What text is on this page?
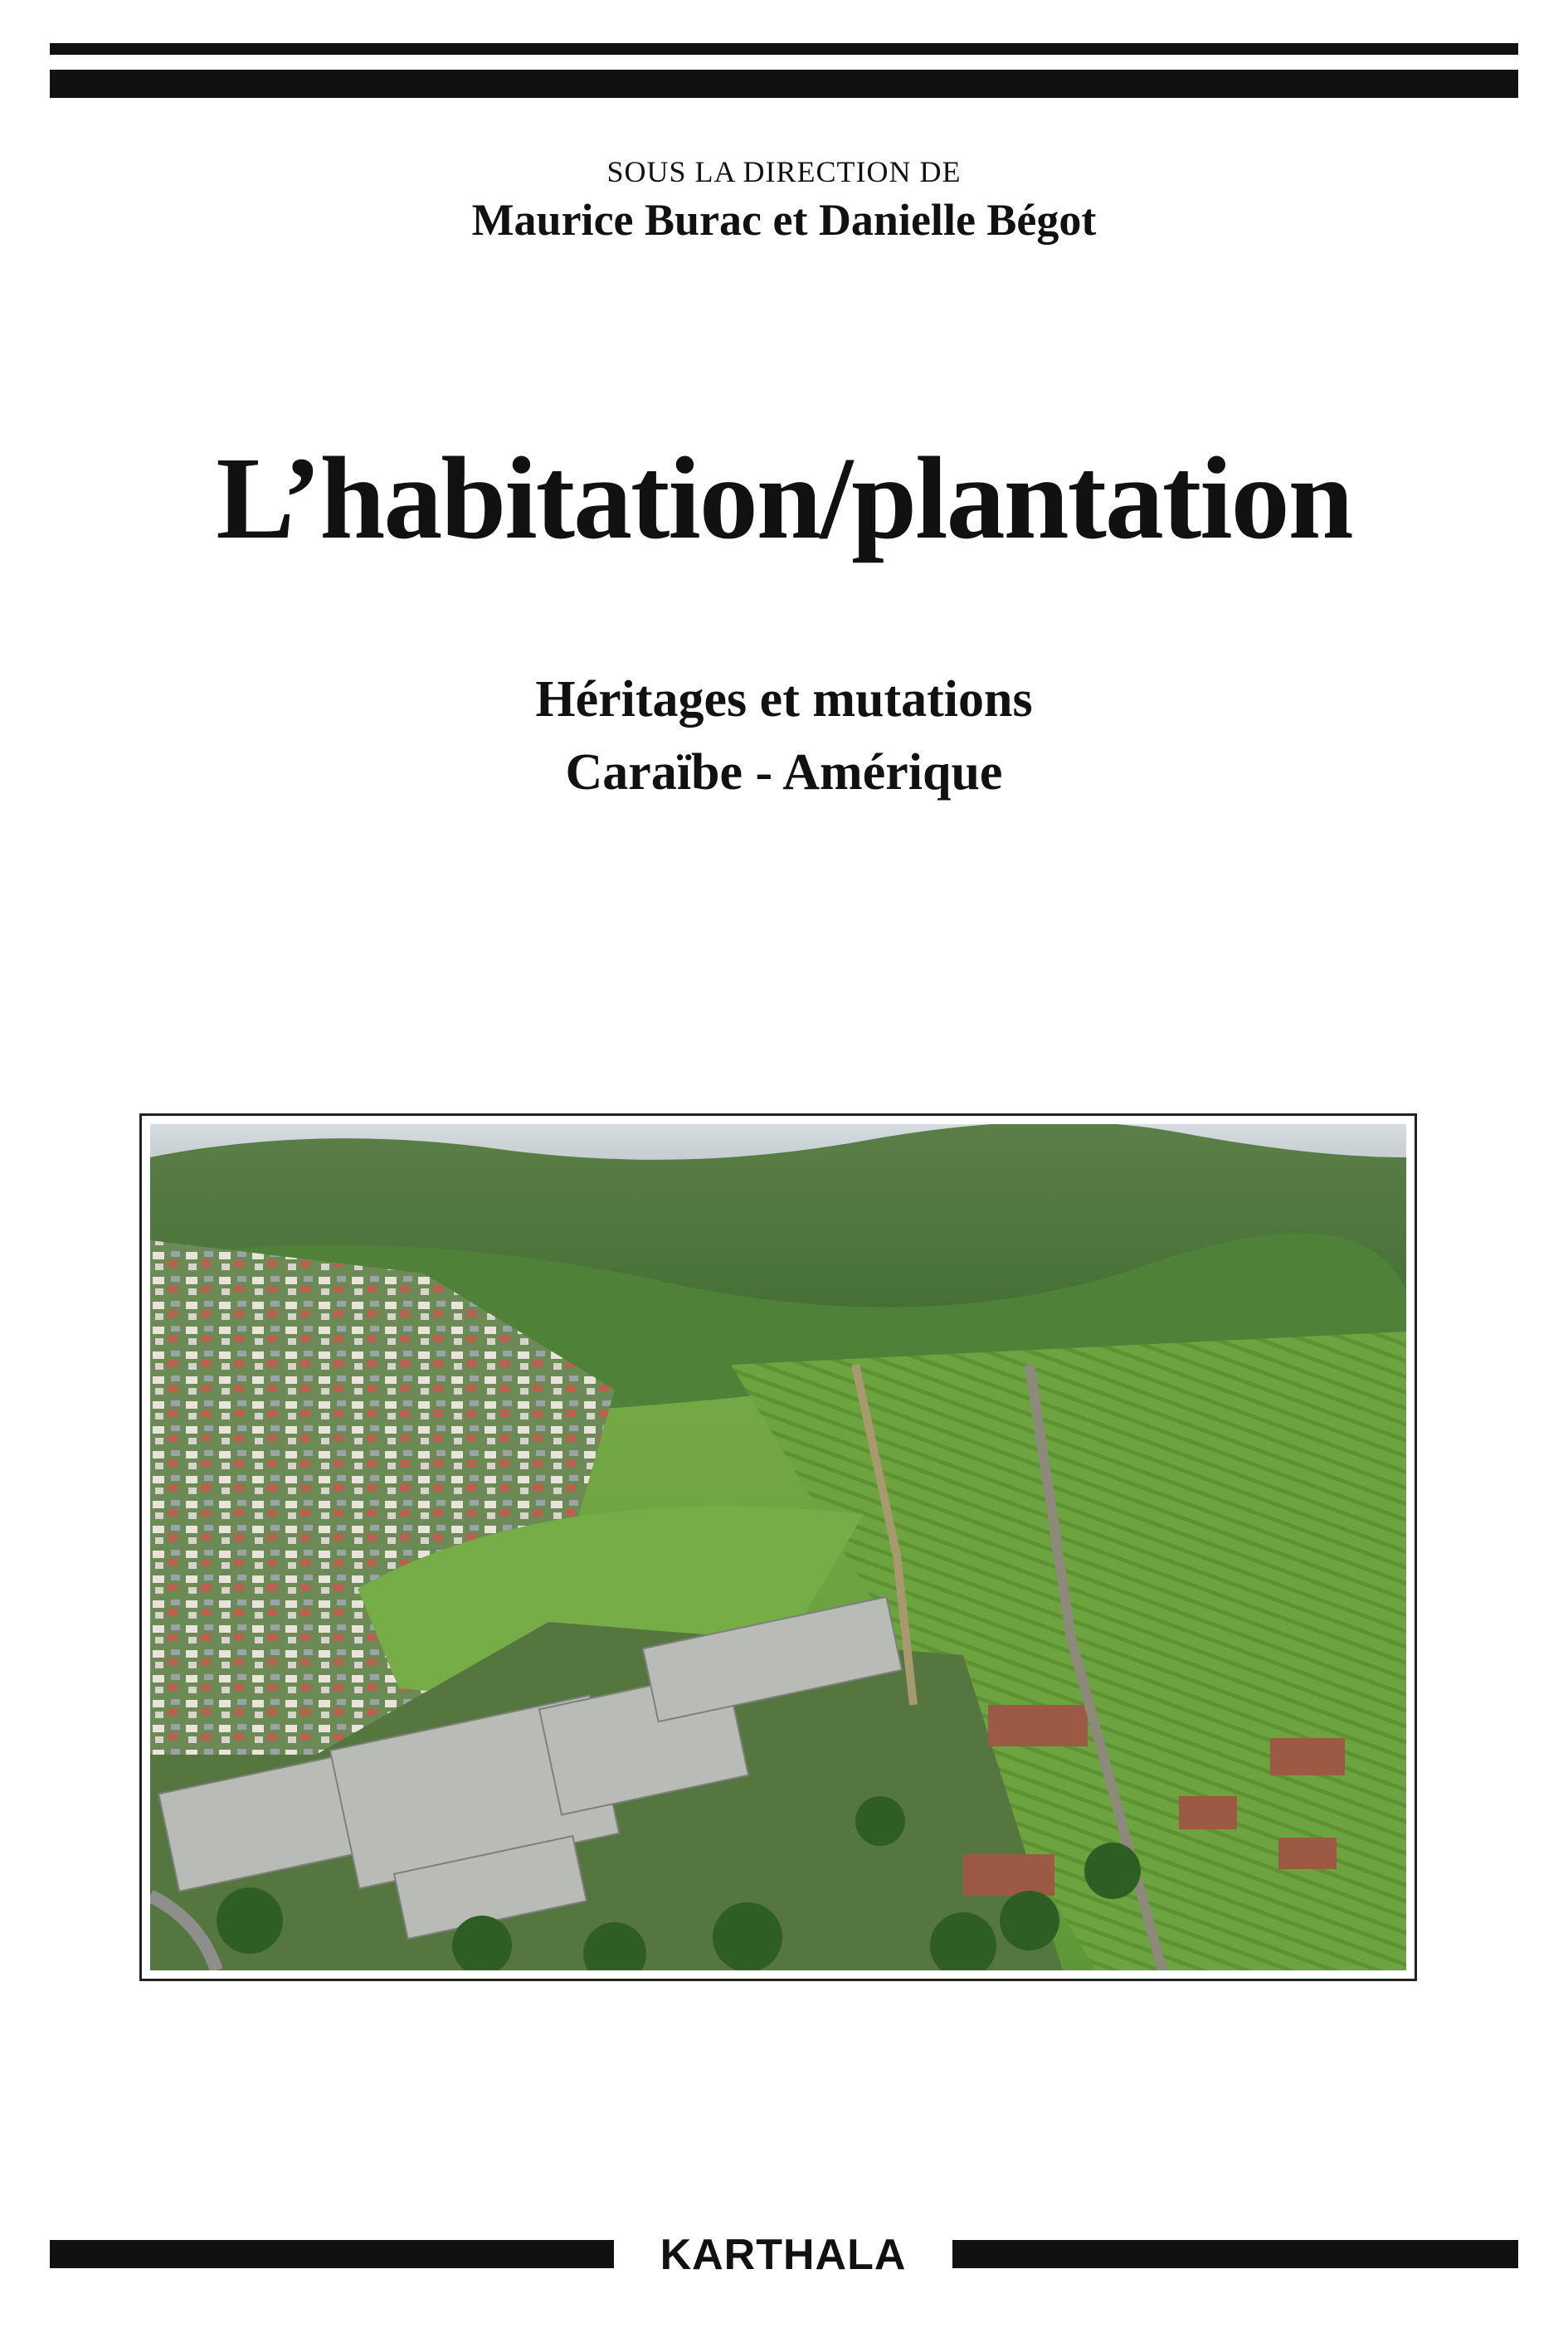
SOUS LA DIRECTION DE
Maurice Burac et Danielle Bégot
L’habitation/plantation
Héritages et mutations
Caraïbe - Amérique
KARTHALA
